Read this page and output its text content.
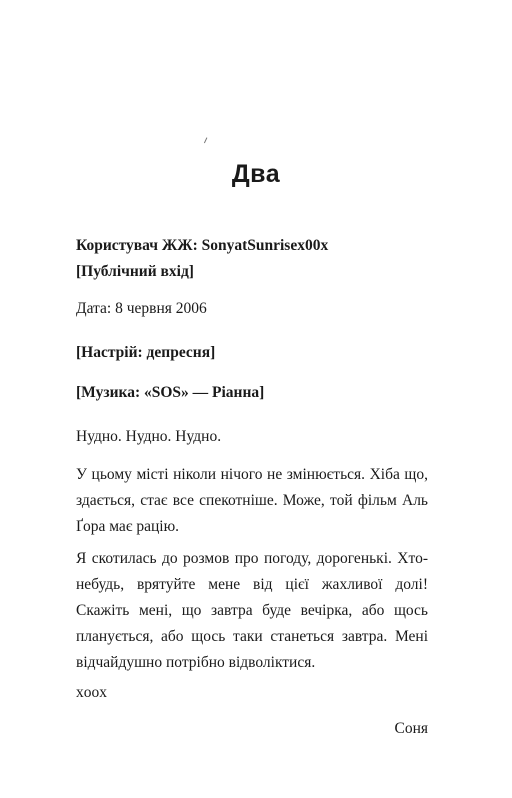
Два
Користувач ЖЖ: SonyatSunrisex00x
[Публічний вхід]
Дата: 8 червня 2006
[Настрій: депресня]
[Музика: «SOS» — Ріанна]
Нудно. Нудно. Нудно.
У цьому місті ніколи нічого не змінюється. Хіба що, здається, стає все спекотніше. Може, той фільм Аль Ґора має рацію.
Я скотилась до розмов про погоду, дорогенькі. Хто-небудь, врятуйте мене від цієї жахливої долі! Скажіть мені, що завтра буде вечірка, або щось планується, або щось таки станеться завтра. Мені відчайдушно потрібно відволіктися.
xoox
Соня
